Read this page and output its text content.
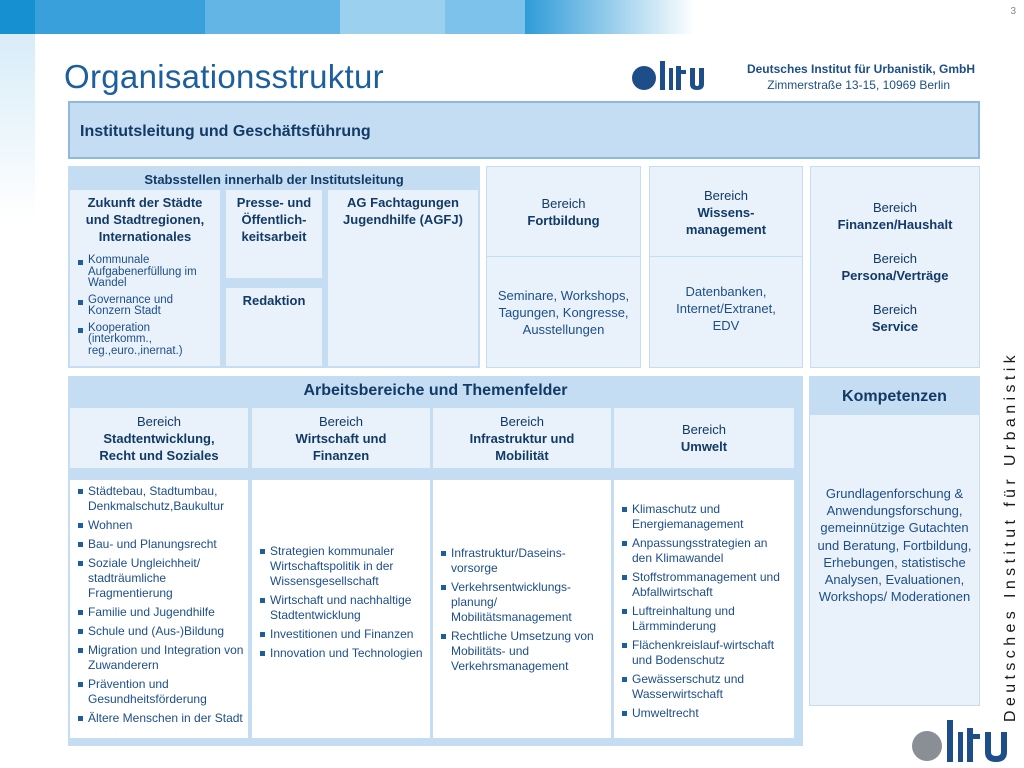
3
Organisationsstruktur	Deutsches Institut für Urbanistik, GmbH
Zimmerstraße 13-15, 10969 Berlin
Institutsleitung und Geschäftsführung
Stabsstellen innerhalb der Institutsleitung
Zukunft der Städte
und Stadtregionen,
Internationales
Kommunale Aufgabenerfüllung im Wandel
Governance und Konzern Stadt
Kooperation (interkomm., reg.,euro.,inernat.)
Presse- und
Öffentlich-
keitsarbeit
Redaktion
AG Fachtagungen
Jugendhilfe (AGFJ)
Bereich
Fortbildung
Seminare, Workshops,
Tagungen, Kongresse,
Ausstellungen
Bereich
Wissens-
management
Datenbanken,
Internet/Extranet,
EDV
Bereich
Finanzen/Haushalt
Bereich
Persona/Verträge
Bereich
Service
Arbeitsbereiche und Themenfelder
Bereich
Stadtentwicklung,
Recht und Soziales
Bereich
Wirtschaft und
Finanzen
Bereich
Infrastruktur und
Mobilität
Bereich
Umwelt
Städtebau, Stadtumbau, Denkmalschutz,Baukultur
Wohnen
Bau- und Planungsrecht
Soziale Ungleichheit/ stadträumliche Fragmentierung
Familie und Jugendhilfe
Schule und (Aus-)Bildung
Migration und Integration von Zuwanderern
Prävention und Gesundheitsförderung
Ältere Menschen in der Stadt
Strategien kommunaler Wirtschaftspolitik in der Wissensgesellschaft
Wirtschaft und nachhaltige Stadtentwicklung
Investitionen und Finanzen
Innovation und Technologien
Infrastruktur/Daseins-vorsorge
Verkehrsentwicklungs-planung/ Mobilitätsmanagement
Rechtliche Umsetzung von Mobilitäts- und Verkehrsmanagement
Klimaschutz und Energiemanagement
Anpassungsstrategien an den Klimawandel
Stoffstrommanagement und Abfallwirtschaft
Luftreinhaltung und Lärmminderung
Flächenkreislauf-wirtschaft und Bodenschutz
Gewässerschutz und Wasserwirtschaft
Umweltrecht
Kompetenzen
Grundlagenforschung & Anwendungsforschung, gemeinnützige Gutachten und Beratung, Fortbildung, Erhebungen, statistische Analysen, Evaluationen, Workshops/ Moderationen Deutsches Institut für Urbanistik
